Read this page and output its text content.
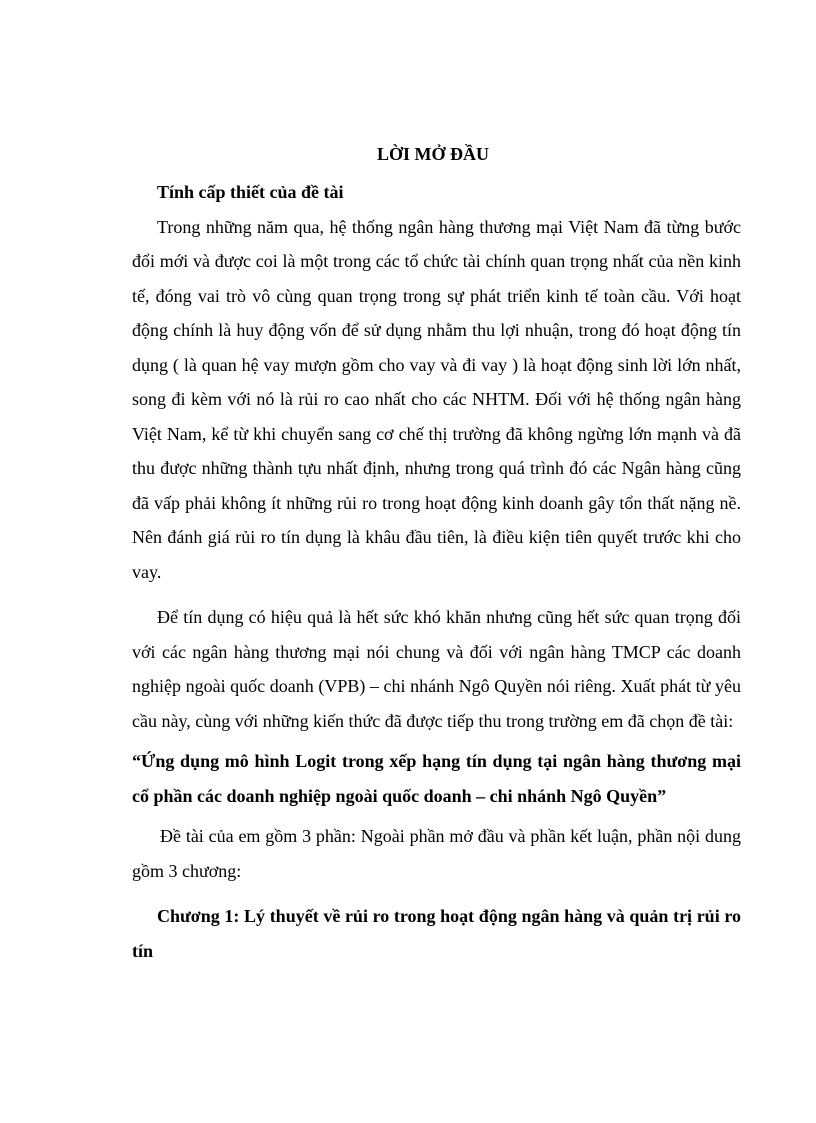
LỜI MỞ ĐẦU

Tính cấp thiết của đề tài

Trong những năm qua, hệ thống ngân hàng thương mại Việt Nam đã từng bước đổi mới và được coi là một trong các tổ chức tài chính quan trọng nhất của nền kinh tế, đóng vai trò vô cùng quan trọng trong sự phát triển kinh tế toàn cầu. Với hoạt động chính là huy động vốn để sử dụng nhằm thu lợi nhuận, trong đó hoạt động tín dụng ( là quan hệ vay mượn gồm cho vay và đi vay ) là hoạt động sinh lời lớn nhất, song đi kèm với nó là rủi ro cao nhất cho các NHTM. Đối với hệ thống ngân hàng Việt Nam, kể từ khi chuyển sang cơ chế thị trường đã không ngừng lớn mạnh và đã thu được những thành tựu nhất định, nhưng trong quá trình đó các Ngân hàng cũng đã vấp phải không ít những rủi ro trong hoạt động kinh doanh gây tổn thất nặng nề. Nên đánh giá rủi ro tín dụng là khâu đầu tiên, là điều kiện tiên quyết trước khi cho vay.

Để tín dụng có hiệu quả là hết sức khó khăn nhưng cũng hết sức quan trọng đối với các ngân hàng thương mại nói chung và đối với ngân hàng TMCP các doanh nghiệp ngoài quốc doanh (VPB) – chi nhánh Ngô Quyền nói riêng. Xuất phát từ yêu cầu này, cùng với những kiến thức đã được tiếp thu trong trường em đã chọn đề tài:

“Ứng dụng mô hình Logit trong xếp hạng tín dụng tại ngân hàng thương mại cổ phần các doanh nghiệp ngoài quốc doanh – chi nhánh Ngô Quyền”

Đề tài của em gồm 3 phần: Ngoài phần mở đầu và phần kết luận, phần nội dung gồm 3 chương:

Chương 1: Lý thuyết về rủi ro trong hoạt động ngân hàng và quản trị rủi ro tín
